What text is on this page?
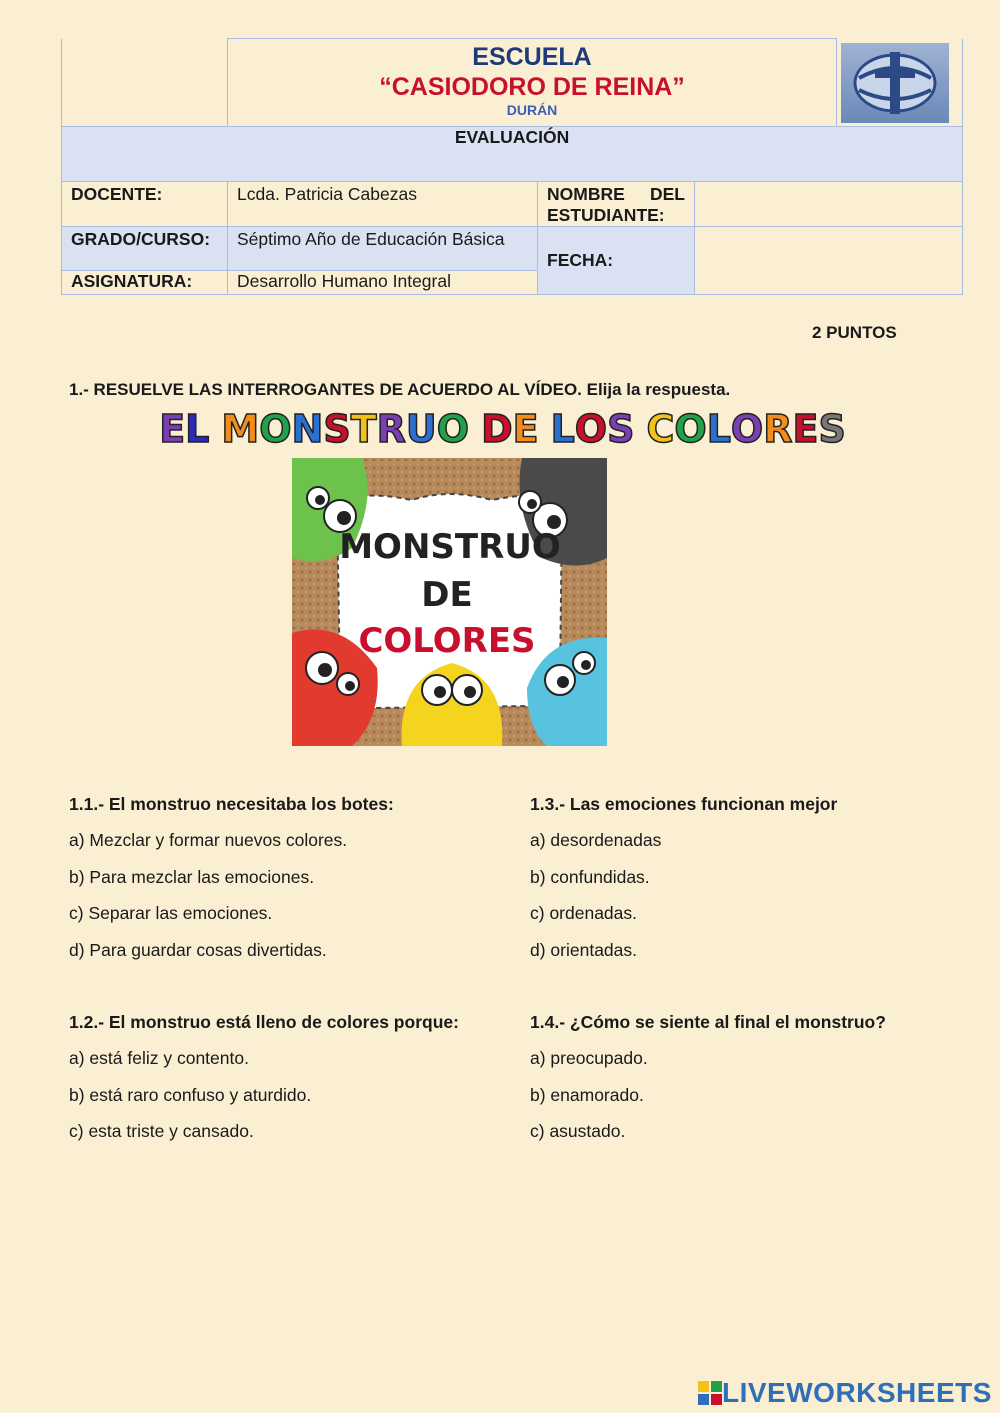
	ESCUELA
“CASIODORO DE REINA”
DURÁN

EVALUACIÓN				
DOCENTE:	Lcda. Patricia Cabezas	NOMBRE DEL ESTUDIANTE:		
GRADO/CURSO:	Séptimo Año de Educación Básica	FECHA:		
ASIGNATURA:	Desarrollo Humano Integral			
2 PUNTOS
1.- RESUELVE LAS INTERROGANTES DE ACUERDO AL VÍDEO. Elija la respuesta.
E L
M O N S T R U O
D E
L O S
C O L O R E S
MONSTRUO
DE
COLORES
1.1.- El monstruo necesitaba los botes:
a) Mezclar y formar nuevos colores.
b) Para mezclar las emociones.
c) Separar las emociones.
d) Para guardar cosas divertidas.
1.3.- Las emociones funcionan mejor
a) desordenadas
b) confundidas.
c) ordenadas.
d) orientadas.
1.2.- El monstruo está lleno de colores porque:
a) está feliz y contento.
b) está raro confuso y aturdido.
c) esta triste y cansado.
1.4.- ¿Cómo se siente al final el monstruo?
a) preocupado.
b) enamorado.
c) asustado.
LIVEWORKSHEETS
